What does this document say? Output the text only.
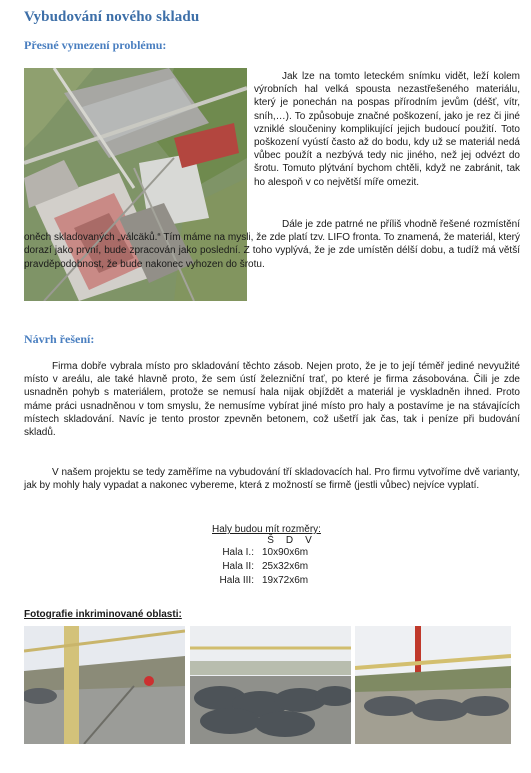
Vybudování nového skladu
Přesné vymezení problému:

Jak lze na tomto leteckém snímku vidět, leží kolem výrobních hal velká spousta nezastřešeného materiálu, který je ponechán na pospas přírodním jevům (déšť, vítr, sníh,…). To způsobuje značné poškození, jako je rez či jiné vzniklé sloučeniny komplikující jejich budoucí použití. Toto poškození vyústí často až do bodu, kdy už se materiál nedá vůbec použít a nezbývá tedy nic jiného, než jej odvézt do šrotu. Tomuto plýtvání bychom chtěli, když ne zabránit, tak ho alespoň v co největší míře omezit.

Dále je zde patrné ne příliš vhodně řešené rozmístění oněch skladovaných „válcäků.“ Tím máme na mysli, že zde platí tzv. LIFO fronta. To znamená, že materiál, který dorazí jako první, bude zpracován jako poslední. Z toho vyplývá, že je zde umístěn délší dobu, a tudíž má větší pravděpodobnost, že bude nakonec vyhozen do šrotu.

Návrh řešení:

Firma dobře vybrala místo pro skladování těchto zásob. Nejen proto, že je to její téměř jediné nevyužité místo v areálu, ale také hlavně proto, že sem ústí železniční trať, po které je firma zásobována. Čili je zde usnadněn pohyb s materiálem, protože se nemusí hala nijak objíždět a materiál je vyskladněn ihned. Proto máme práci usnadněnou v tom smyslu, že nemusíme vybírat jiné místo pro haly a postavíme je na stávajících místech skladování. Navíc je tento prostor zpevněn betonem, což ušetří jak čas, tak i peníze při budování skladů.

V našem projektu se tedy zaměříme na vybudování tří skladovacích hal. Pro firmu vytvoříme dvě varianty, jak by mohly haly vypadat a nakonec vybereme, která z možností se firmě (jestli vůbec) nejvíce vyplatí.

Haly budou mít rozměry:
Š D V
Hala I.: 10x90x6m
Hala II: 25x32x6m
Hala III: 19x72x6m
Fotografie inkriminované oblasti:
